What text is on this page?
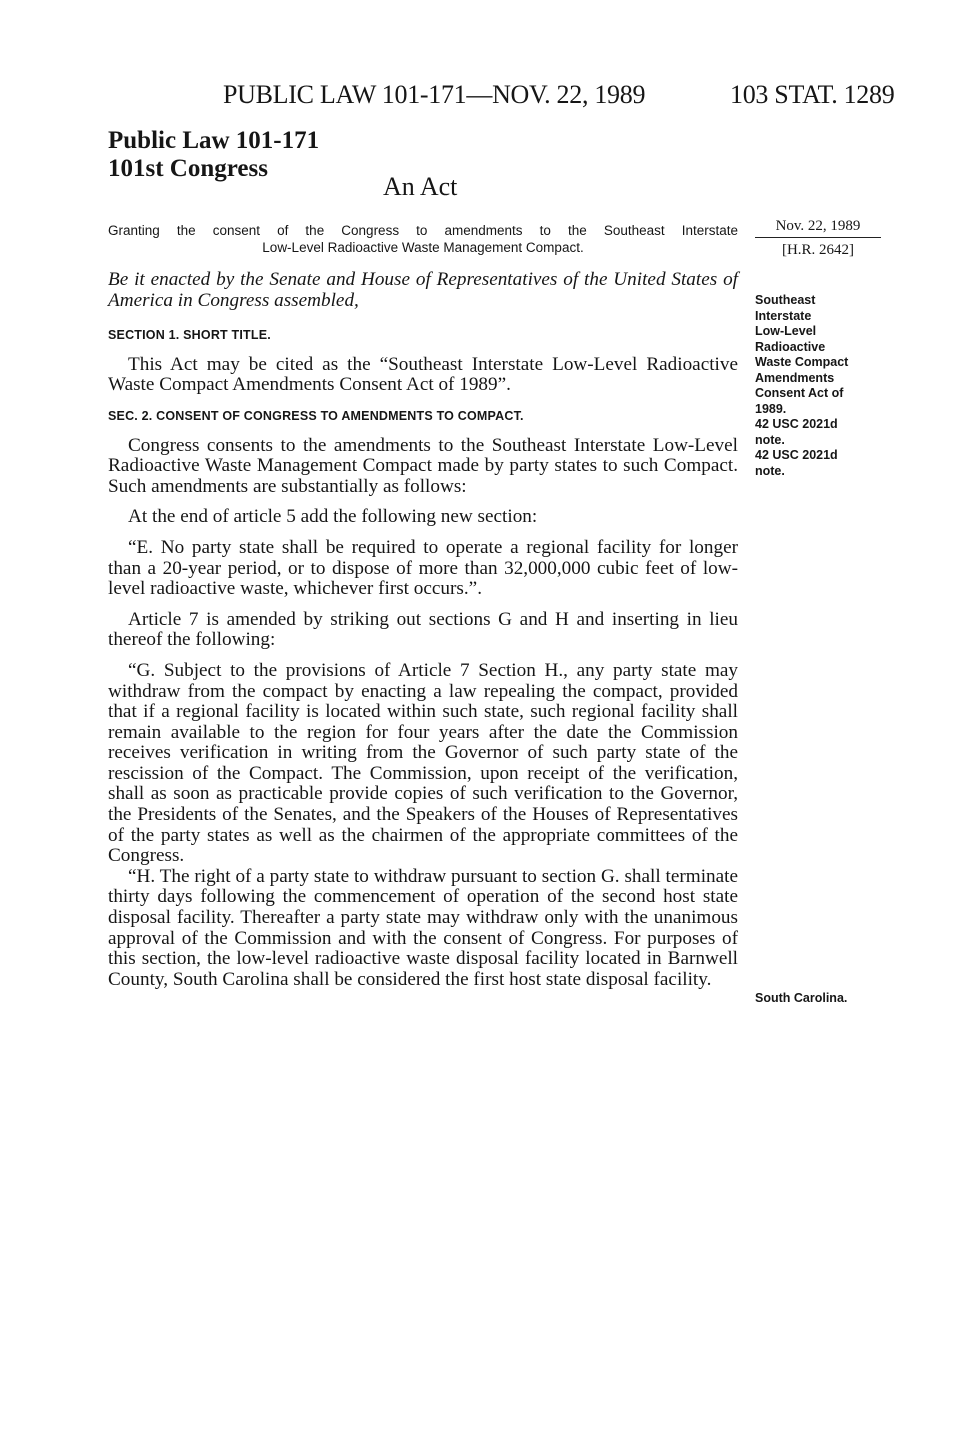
PUBLIC LAW 101-171—NOV. 22, 1989	103 STAT. 1289
Public Law 101-171
101st Congress
An Act
Granting the consent of the Congress to amendments to the Southeast Interstate
Low-Level Radioactive Waste Management Compact.
Nov. 22, 1989
[H.R. 2642]

Be it enacted by the Senate and House of Representatives of the United States of America in Congress assembled,

SECTION 1. SHORT TITLE.

This Act may be cited as the “Southeast Interstate Low-Level Radioactive Waste Compact Amendments Consent Act of 1989”.

SEC. 2. CONSENT OF CONGRESS TO AMENDMENTS TO COMPACT.

Congress consents to the amendments to the Southeast Interstate Low-Level Radioactive Waste Management Compact made by party states to such Compact. Such amendments are substantially as follows:

At the end of article 5 add the following new section:

“E. No party state shall be required to operate a regional facility for longer than a 20-year period, or to dispose of more than 32,000,000 cubic feet of low-level radioactive waste, whichever first occurs.”.

Article 7 is amended by striking out sections G and H and inserting in lieu thereof the following:

“G. Subject to the provisions of Article 7 Section H., any party state may withdraw from the compact by enacting a law repealing the compact, provided that if a regional facility is located within such state, such regional facility shall remain available to the region for four years after the date the Commission receives verification in writing from the Governor of such party state of the rescission of the Compact. The Commission, upon receipt of the verification, shall as soon as practicable provide copies of such verification to the Governor, the Presidents of the Senates, and the Speakers of the Houses of Representatives of the party states as well as the chairmen of the appropriate committees of the Congress.

“H. The right of a party state to withdraw pursuant to section G. shall terminate thirty days following the commencement of operation of the second host state disposal facility. Thereafter a party state may withdraw only with the unanimous approval of the Commission and with the consent of Congress. For purposes of this section, the low-level radioactive waste disposal facility located in Barnwell County, South Carolina shall be considered the first host state disposal facility.

Southeast
Interstate
Low-Level
Radioactive
Waste Compact
Amendments
Consent Act of
1989.
42 USC 2021d
note.
42 USC 2021d
note.
South Carolina.
